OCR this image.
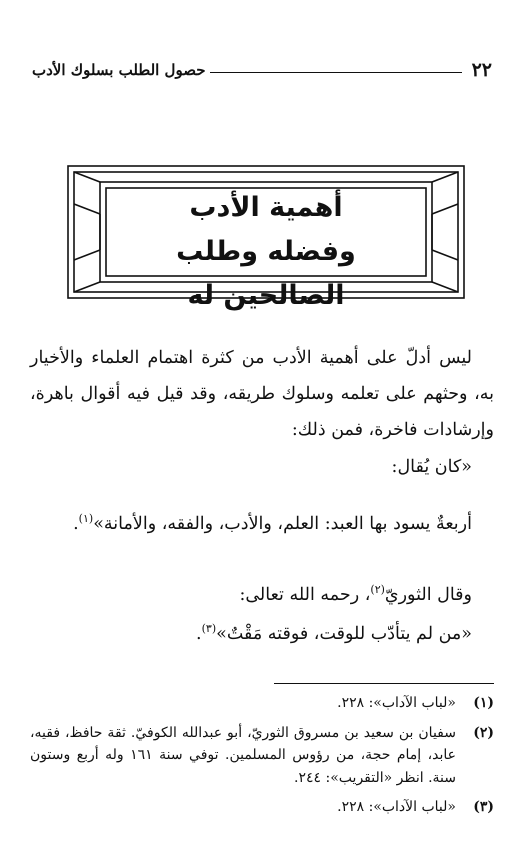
٢٢
حصول الطلب بسلوك الأدب
أهمية الأدب
وفضله وطلب الصالحين له
ليس أدلّ على أهمية الأدب من كثرة اهتمام العلماء والأخيار به، وحثهم على تعلمه وسلوك طريقه، وقد قيل فيه أقوال باهرة، وإرشادات فاخرة، فمن ذلك:
«كان يُقال:
أربعةٌ يسود بها العبد: العلم، والأدب، والفقه، والأمانة»$^{(١)}$.
وقال الثوريّ$^{(٢)}$، رحمه الله تعالى:
«من لم يتأدّب للوقت، فوقته مَقْتٌ»$^{(٣)}$.
(١)
«لباب الآداب»: ٢٢٨.
(٢)
سفيان بن سعيد بن مسروق الثوريّ، أبو عبدالله الكوفيّ. ثقة حافظ، فقيه، عابد، إمام حجة، من رؤوس المسلمين. توفي سنة ١٦١ وله أربع وستون سنة. انظر «التقريب»: ٢٤٤.
(٣)
«لباب الآداب»: ٢٢٨.
